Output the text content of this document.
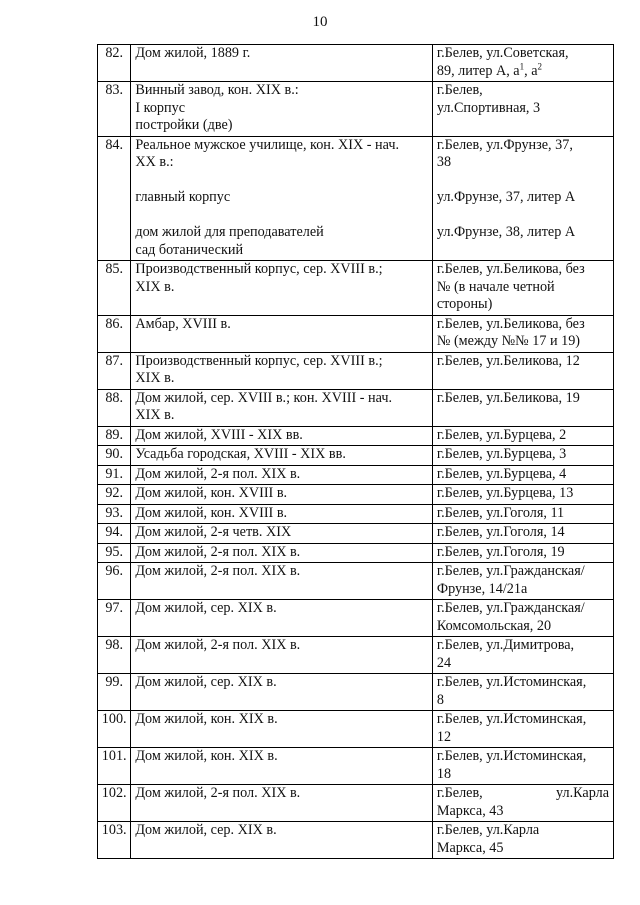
10
82.	Дом жилой, 1889 г.	г.Белев, ул.Советская,
89, литер А, $а^1$, $а^2$

83.	Винный завод, кон. XIX в.:
I корпус
постройки (две)	г.Белев,
ул.Спортивная, 3

84.	Реальное мужское училище, кон. XIX - нач.
XX в.:
главный корпус
дом жилой для преподавателей
сад ботанический	г.Белев, ул.Фрунзе, 37,
38
ул.Фрунзе, 37, литер А
ул.Фрунзе, 38, литер А

85.	Производственный корпус, сер. XVIII в.;
XIX в.	г.Белев, ул.Беликова, без
№ (в начале четной
стороны)

86.	Амбар, XVIII в.	г.Белев, ул.Беликова, без
№ (между №№ 17 и 19)

87.	Производственный корпус, сер. XVIII в.;
XIX в.	г.Белев, ул.Беликова, 12

88.	Дом жилой, сер. XVIII в.; кон. XVIII - нач.
XIX в.	г.Белев, ул.Беликова, 19

89.	Дом жилой, XVIII - XIX вв.	г.Белев, ул.Бурцева, 2

90.	Усадьба городская, XVIII - XIX вв.	г.Белев, ул.Бурцева, 3

91.	Дом жилой, 2-я пол. XIX в.	г.Белев, ул.Бурцева, 4

92.	Дом жилой, кон. XVIII в.	г.Белев, ул.Бурцева, 13

93.	Дом жилой, кон. XVIII в.	г.Белев, ул.Гоголя, 11

94.	Дом жилой, 2-я четв. XIX	г.Белев, ул.Гоголя, 14

95.	Дом жилой, 2-я пол. XIX в.	г.Белев, ул.Гоголя, 19

96.	Дом жилой, 2-я пол. XIX в.	г.Белев, ул.Гражданская/
Фрунзе, 14/21а

97.	Дом жилой, сер. XIX в.	г.Белев, ул.Гражданская/
Комсомольская, 20

98.	Дом жилой, 2-я пол. XIX в.	г.Белев, ул.Димитрова,
24

99.	Дом жилой, сер. XIX в.	г.Белев, ул.Истоминская,
8

100.	Дом жилой, кон. XIX в.	г.Белев, ул.Истоминская,
12

101.	Дом жилой, кон. XIX в.	г.Белев, ул.Истоминская,
18

102.	Дом жилой, 2-я пол. XIX в.	г.Белев, ул.Карла
Маркса, 43

103.	Дом жилой, сер. XIX в.	г.Белев, ул.Карла
Маркса, 45
